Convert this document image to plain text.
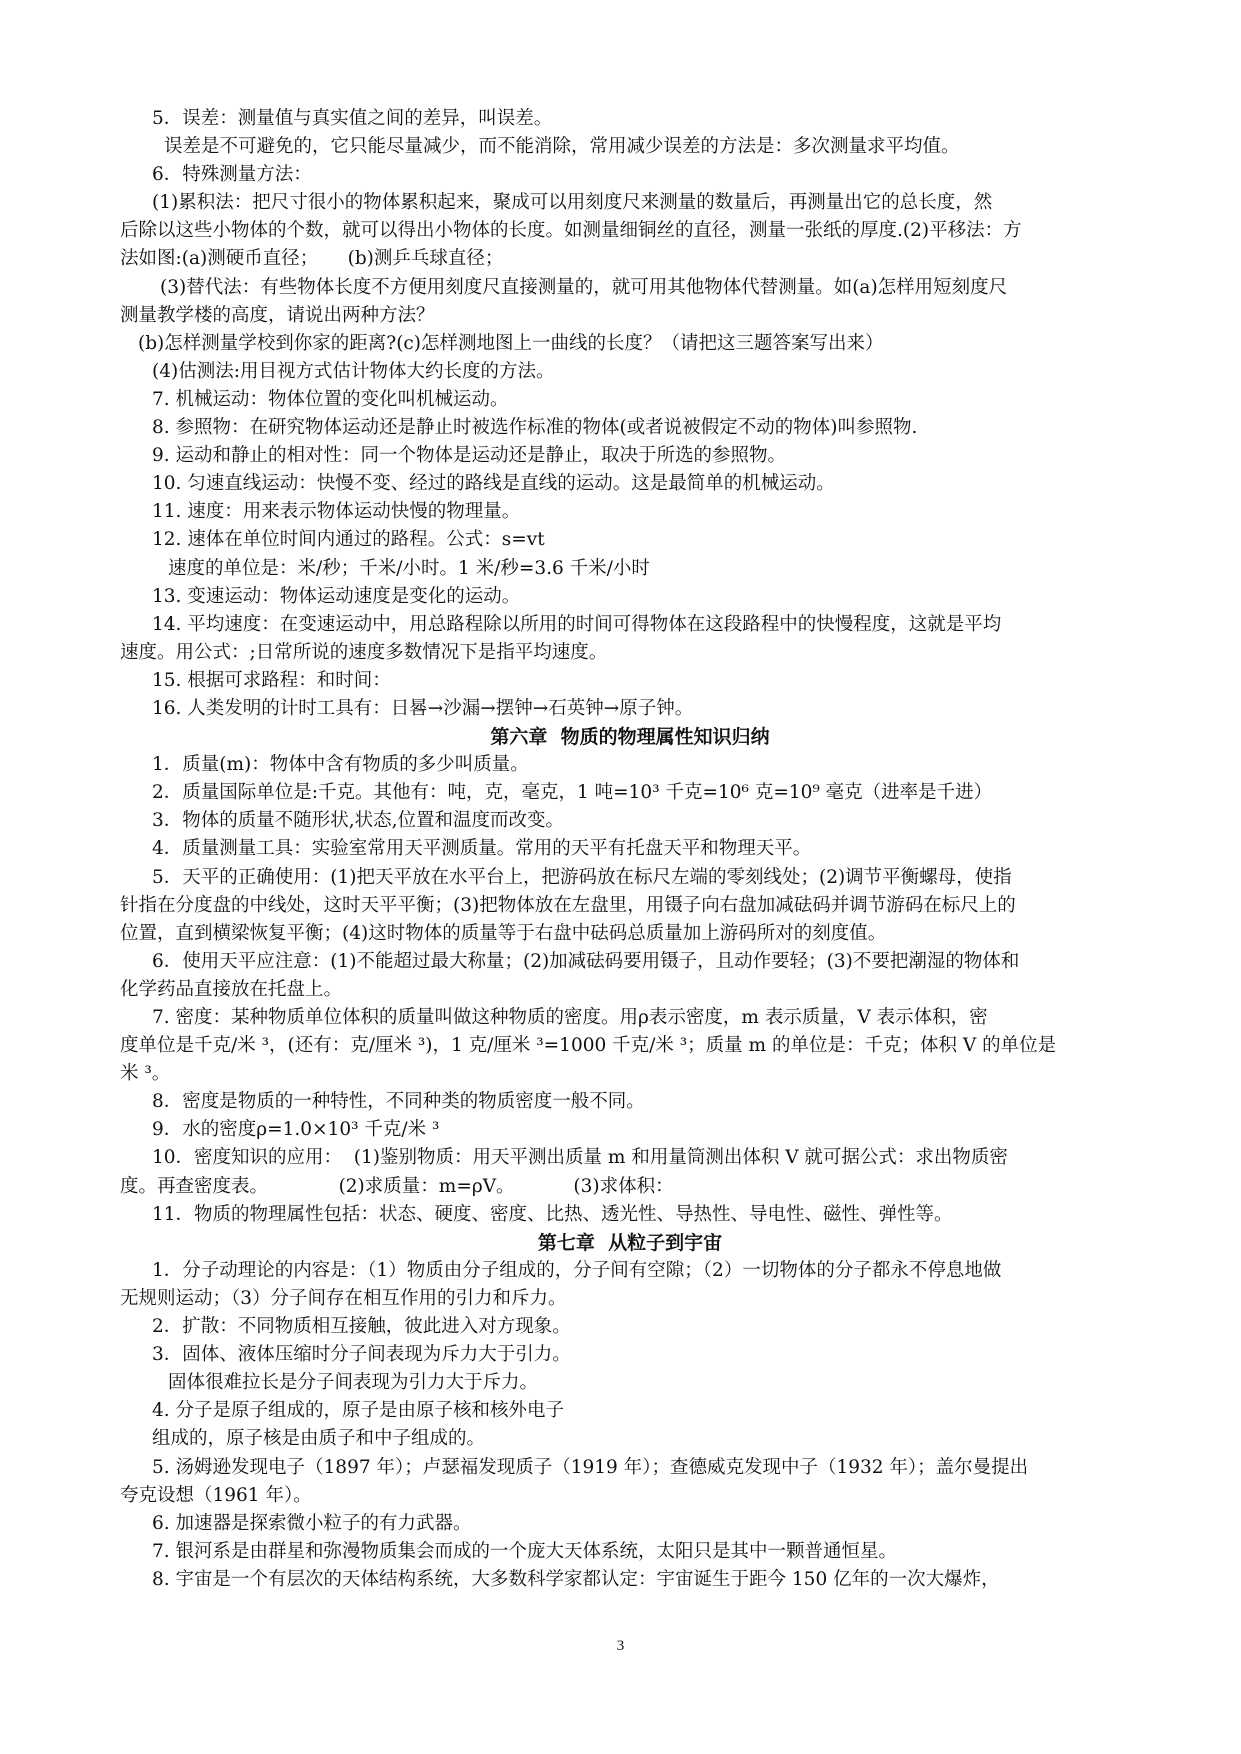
5．误差：测量值与真实值之间的差异，叫误差。
误差是不可避免的，它只能尽量减少，而不能消除，常用减少误差的方法是：多次测量求平均值。
6．特殊测量方法：
(1)累积法：把尺寸很小的物体累积起来，聚成可以用刻度尺来测量的数量后，再测量出它的总长度，然
后除以这些小物体的个数，就可以得出小物体的长度。如测量细铜丝的直径，测量一张纸的厚度.(2)平移法：方
法如图:(a)测硬币直径；     (b)测乒乓球直径；
(3)替代法：有些物体长度不方便用刻度尺直接测量的，就可用其他物体代替测量。如(a)怎样用短刻度尺
测量教学楼的高度，请说出两种方法？
(b)怎样测量学校到你家的距离?(c)怎样测地图上一曲线的长度？（请把这三题答案写出来）
(4)估测法:用目视方式估计物体大约长度的方法。
7. 机械运动：物体位置的变化叫机械运动。
8. 参照物：在研究物体运动还是静止时被选作标准的物体(或者说被假定不动的物体)叫参照物.
9. 运动和静止的相对性：同一个物体是运动还是静止，取决于所选的参照物。
10. 匀速直线运动：快慢不变、经过的路线是直线的运动。这是最简单的机械运动。
11. 速度：用来表示物体运动快慢的物理量。
12. 速体在单位时间内通过的路程。公式：s=vt
速度的单位是：米/秒；千米/小时。1 米/秒=3.6 千米/小时
13. 变速运动：物体运动速度是变化的运动。
14. 平均速度：在变速运动中，用总路程除以所用的时间可得物体在这段路程中的快慢程度，这就是平均
速度。用公式：;日常所说的速度多数情况下是指平均速度。
15. 根据可求路程：和时间：
16. 人类发明的计时工具有：日晷→沙漏→摆钟→石英钟→原子钟。
第六章  物质的物理属性知识归纳
1．质量(m)：物体中含有物质的多少叫质量。
2．质量国际单位是:千克。其他有：吨，克，毫克，1 吨=10³ 千克=10⁶ 克=10⁹ 毫克（进率是千进）
3．物体的质量不随形状,状态,位置和温度而改变。
4．质量测量工具：实验室常用天平测质量。常用的天平有托盘天平和物理天平。
5．天平的正确使用：(1)把天平放在水平台上，把游码放在标尺左端的零刻线处；(2)调节平衡螺母，使指
针指在分度盘的中线处，这时天平平衡；(3)把物体放在左盘里，用镊子向右盘加减砝码并调节游码在标尺上的
位置，直到横梁恢复平衡；(4)这时物体的质量等于右盘中砝码总质量加上游码所对的刻度值。
6．使用天平应注意：(1)不能超过最大称量；(2)加减砝码要用镊子，且动作要轻；(3)不要把潮湿的物体和
化学药品直接放在托盘上。
7. 密度：某种物质单位体积的质量叫做这种物质的密度。用ρ表示密度，m 表示质量，V 表示体积，密
度单位是千克/米 ³，(还有：克/厘米 ³)，1 克/厘米 ³=1000 千克/米 ³；质量 m 的单位是：千克；体积 V 的单位是
米 ³。
8．密度是物质的一种特性，不同种类的物质密度一般不同。
9．水的密度ρ=1.0×10³ 千克/米 ³
10．密度知识的应用：  (1)鉴别物质：用天平测出质量 m 和用量筒测出体积 V 就可据公式：求出物质密
度。再查密度表。            (2)求质量：m=ρV。          (3)求体积：
11．物质的物理属性包括：状态、硬度、密度、比热、透光性、导热性、导电性、磁性、弹性等。
第七章  从粒子到宇宙
1．分子动理论的内容是：（1）物质由分子组成的，分子间有空隙；（2）一切物体的分子都永不停息地做
无规则运动；（3）分子间存在相互作用的引力和斥力。
2．扩散：不同物质相互接触，彼此进入对方现象。
3．固体、液体压缩时分子间表现为斥力大于引力。
固体很难拉长是分子间表现为引力大于斥力。
4. 分子是原子组成的，原子是由原子核和核外电子
组成的，原子核是由质子和中子组成的。
5. 汤姆逊发现电子（1897 年）；卢瑟福发现质子（1919 年）；查德威克发现中子（1932 年）；盖尔曼提出
夸克设想（1961 年）。
6. 加速器是探索微小粒子的有力武器。
7. 银河系是由群星和弥漫物质集会而成的一个庞大天体系统，太阳只是其中一颗普通恒星。
8. 宇宙是一个有层次的天体结构系统，大多数科学家都认定：宇宙诞生于距今 150 亿年的一次大爆炸，
3
